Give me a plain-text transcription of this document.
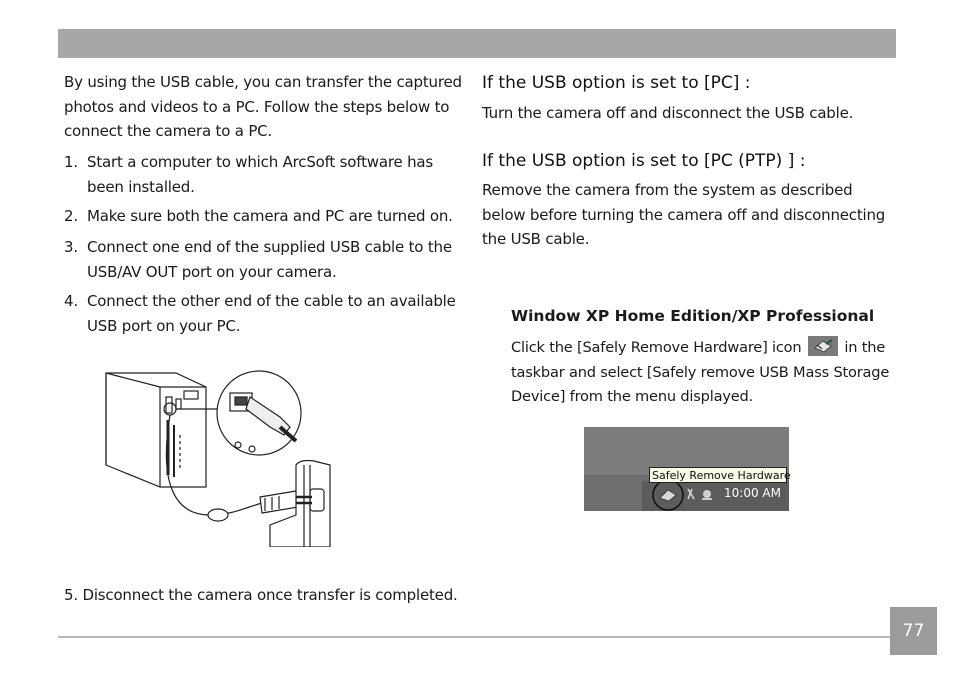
By using the USB cable, you can transfer the captured photos and videos to a PC. Follow the steps below to connect the camera to a PC.

1. Start a computer to which ArcSoft software has been installed.
2. Make sure both the camera and PC are turned on.
3. Connect one end of the supplied USB cable to the USB/AV OUT port on your camera.
4. Connect the other end of the cable to an available USB port on your PC.

5. Disconnect the camera once transfer is completed.

If the USB option is set to [PC] :

Turn the camera off and disconnect the USB cable.

If the USB option is set to [PC (PTP) ] :

Remove the camera from the system as described below before turning the camera off and disconnecting the USB cable.

Window XP Home Edition/XP Professional

Click the [Safely Remove Hardware] icon	in the taskbar and select [Safely remove USB Mass Storage Device] from the menu displayed.

Safely Remove Hardware
10:00 AM
77
